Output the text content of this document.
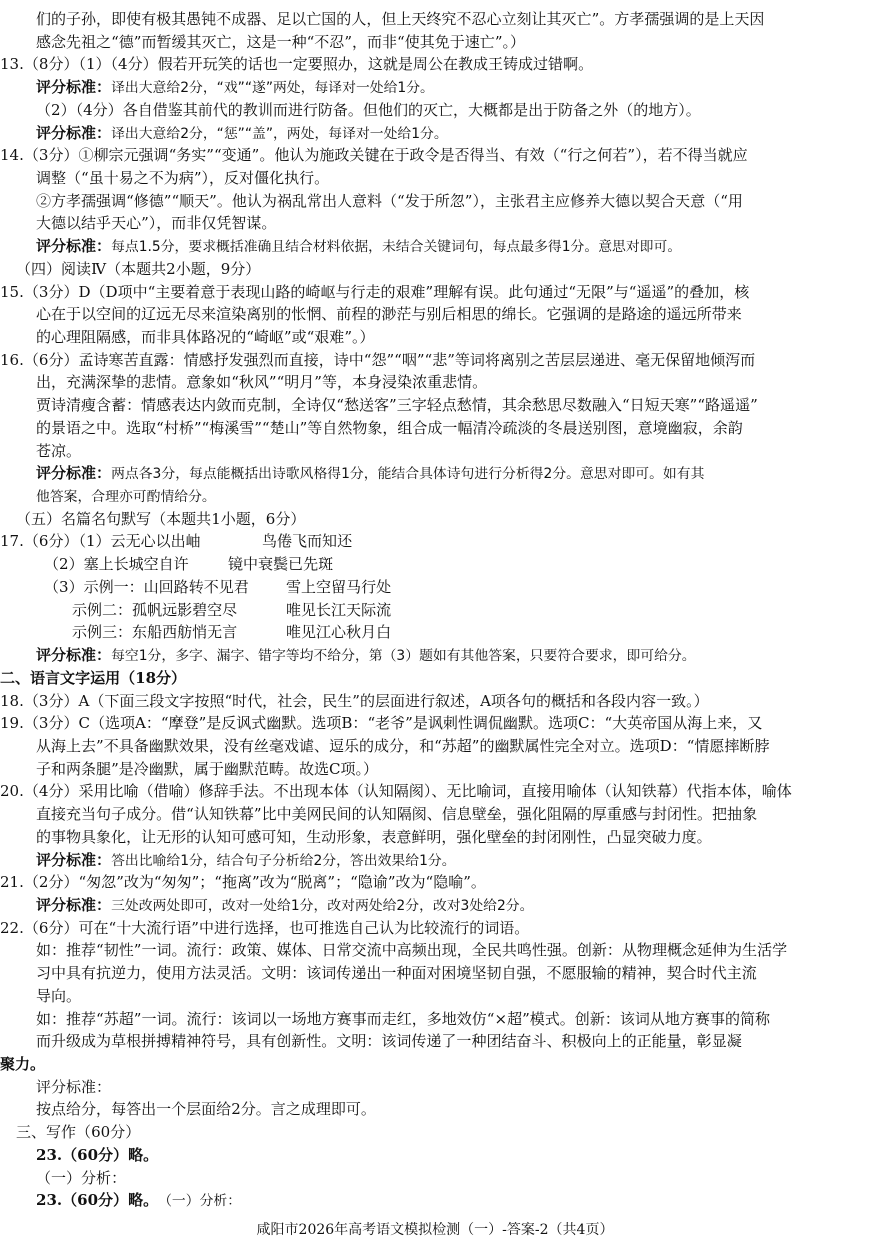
们的子孙，即使有极其愚钝不成器、足以亡国的人，但上天终究不忍心立刻让其灭亡”。方孝孺强调的是上天因
感念先祖之“德”而暂缓其灭亡，这是一种“不忍”，而非“使其免于速亡”。）
13.（8分）（1）（4分）假若开玩笑的话也一定要照办，这就是周公在教成王铸成过错啊。
评分标准：译出大意给2分，“戏”“遂”两处，每译对一处给1分。
（2）（4分）各自借鉴其前代的教训而进行防备。但他们的灭亡，大概都是出于防备之外（的地方）。
评分标准：译出大意给2分，“惩”“盖”，两处，每译对一处给1分。
14.（3分）①柳宗元强调“务实”“变通”。他认为施政关键在于政令是否得当、有效（“行之何若”），若不得当就应
调整（“虽十易之不为病”），反对僵化执行。
②方孝孺强调“修德”“顺天”。他认为祸乱常出人意料（“发于所忽”），主张君主应修养大德以契合天意（“用
大德以结乎天心”），而非仅凭智谋。
评分标准：每点1.5分，要求概括准确且结合材料依据，未结合关键词句，每点最多得1分。意思对即可。
（四）阅读Ⅳ（本题共2小题，9分）
15.（3分）D（D项中“主要着意于表现山路的崎岖与行走的艰难”理解有误。此句通过“无限”与“遥遥”的叠加，核
心在于以空间的辽远无尽来渲染离别的怅惘、前程的渺茫与别后相思的绵长。它强调的是路途的遥远所带来
的心理阻隔感，而非具体路况的“崎岖”或“艰难”。）
16.（6分）孟诗寒苦直露：情感抒发强烈而直接，诗中“怨”“咽”“悲”等词将离别之苦层层递进、毫无保留地倾泻而
出，充满深挚的悲情。意象如“秋风”“明月”等，本身浸染浓重悲情。
贾诗清瘦含蓄：情感表达内敛而克制，全诗仅“愁送客”三字轻点愁情，其余愁思尽数融入“日短天寒”“路遥遥”
的景语之中。选取“村桥”“梅溪雪”“楚山”等自然物象，组合成一幅清冷疏淡的冬晨送别图，意境幽寂，余韵
苍凉。
评分标准：两点各3分，每点能概括出诗歌风格得1分，能结合具体诗句进行分析得2分。意思对即可。如有其
他答案，合理亦可酌情给分。
（五）名篇名句默写（本题共1小题，6分）
17.（6分）（1）云无心以出岫	鸟倦飞而知还
（2）塞上长城空自许	镜中衰鬓已先斑
（3）示例一：山回路转不见君 雪上空留马行处
示例二：孤帆远影碧空尽	唯见长江天际流
示例三：东船西舫悄无言	唯见江心秋月白
评分标准：每空1分，多字、漏字、错字等均不给分，第（3）题如有其他答案，只要符合要求，即可给分。
二、语言文字运用（18分）
18.（3分）A（下面三段文字按照“时代，社会，民生”的层面进行叙述，A项各句的概括和各段内容一致。）
19.（3分）C（选项A：“摩登”是反讽式幽默。选项B：“老爷”是讽刺性调侃幽默。选项C：“大英帝国从海上来，又
从海上去”不具备幽默效果，没有丝毫戏谑、逗乐的成分，和“苏超”的幽默属性完全对立。选项D：“情愿摔断脖
子和两条腿”是冷幽默，属于幽默范畴。故选C项。）
20.（4分）采用比喻（借喻）修辞手法。不出现本体（认知隔阂）、无比喻词，直接用喻体（认知铁幕）代指本体，喻体
直接充当句子成分。借“认知铁幕”比中美网民间的认知隔阂、信息壁垒，强化阻隔的厚重感与封闭性。把抽象
的事物具象化，让无形的认知可感可知，生动形象，表意鲜明，强化壁垒的封闭刚性，凸显突破力度。
评分标准：答出比喻给1分，结合句子分析给2分，答出效果给1分。
21.（2分）“匆忽”改为“匆匆”；“拖离”改为“脱离”；“隐谕”改为“隐喻”。
评分标准：三处改两处即可，改对一处给1分，改对两处给2分，改对3处给2分。
22.（6分）可在“十大流行语”中进行选择，也可推选自己认为比较流行的词语。
如：推荐“韧性”一词。流行：政策、媒体、日常交流中高频出现，全民共鸣性强。创新：从物理概念延伸为生活学
习中具有抗逆力，使用方法灵活。文明：该词传递出一种面对困境坚韧自强，不愿服输的精神，契合时代主流
导向。
如：推荐“苏超”一词。流行：该词以一场地方赛事而走红，多地效仿“×超”模式。创新：该词从地方赛事的简称
而升级成为草根拼搏精神符号，具有创新性。文明：该词传递了一种团结奋斗、积极向上的正能量，彰显凝
聚力。
评分标准：
按点给分，每答出一个层面给2分。言之成理即可。
三、写作（60分）
23.（60分）略。
（一）分析：
23.（60分）略。（一）分析：
咸阳市2026年高考语文模拟检测（一）-答案-2（共4页）
